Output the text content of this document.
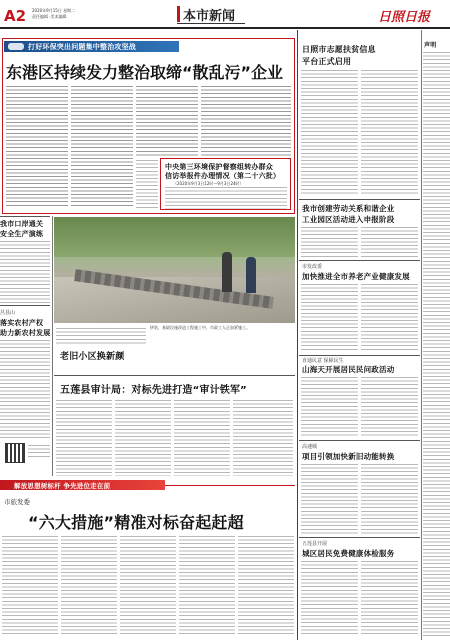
A2 2020年9月15日 星期二
责任编辑 ·美术编辑	本市新闻	日照日报
打好环保突出问题集中整治攻坚战
东港区持续发力整治取缔“散乱污”企业
中央第三环境保护督察组转办群众
信访举报件办理情况（第二十六批）
（2020年9月3日12时—9月3日24时）
我市口岸通关
安全生产演练
莒县山
落实农村产权
助力新农村发展
拼装、基础设施改造工程施工中，市政工人正加紧施工。
老旧小区换新颜
五莲县审计局：对标先进打造“审计铁军”
解放思想树标杆 争先进位走在前
市旅发委
“六大措施”精准对标奋起赶超
日照市志愿扶贫信息
平台正式启用
我市创建劳动关系和谐企业
工业园区活动进入申报阶段
市发改委
加快推进全市养老产业健康发展
直通民意 保障民生
山海天开展居民民问政活动
高速城
项目引领加快新旧动能转换
五莲县开展
城区居民免费健康体检服务
声明
